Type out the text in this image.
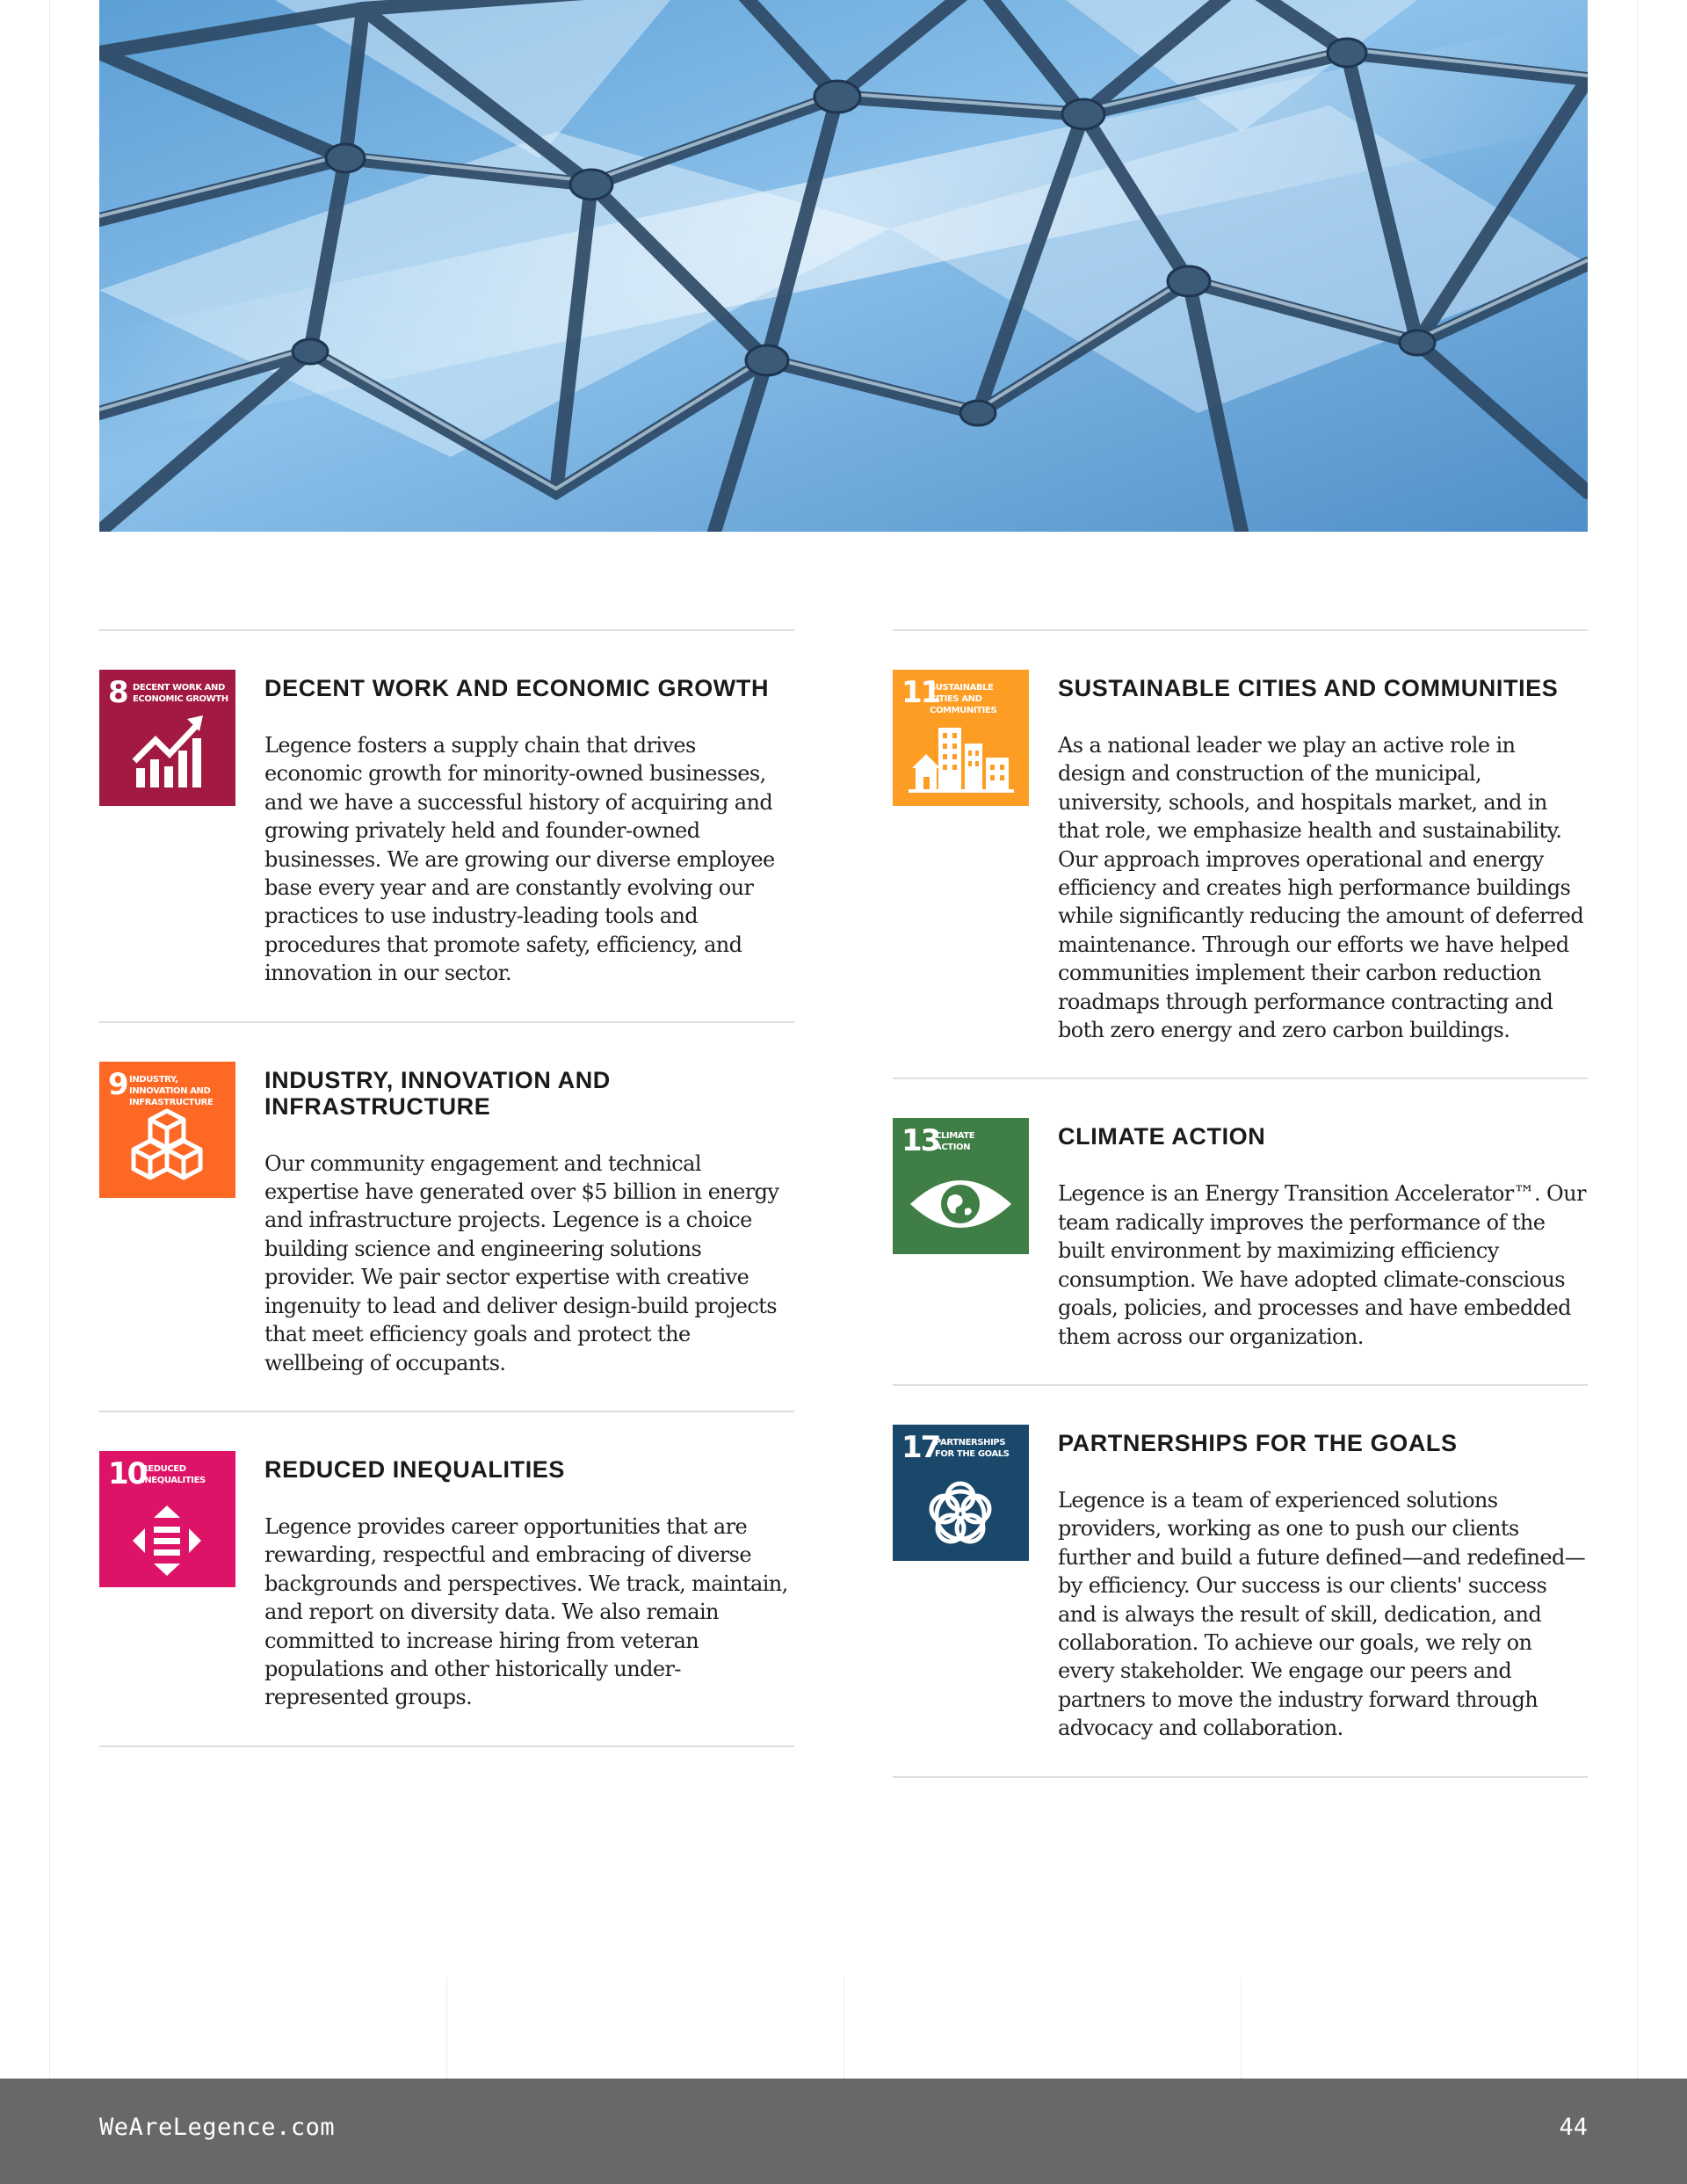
8 DECENT WORK AND ECONOMIC GROWTH DECENT WORK AND ECONOMIC GROWTH

Legence fosters a supply chain that drives economic growth for minority-owned businesses, and we have a successful history of acquiring and growing privately held and founder-owned businesses. We are growing our diverse employee base every year and are constantly evolving our practices to use industry-leading tools and procedures that promote safety, efficiency, and innovation in our sector.

9 INDUSTRY, INNOVATION AND INFRASTRUCTURE
INDUSTRY, INNOVATION AND INFRASTRUCTURE

Our community engagement and technical expertise have generated over $5 billion in energy and infrastructure projects. Legence is a choice building science and engineering solutions provider. We pair sector expertise with creative ingenuity to lead and deliver design-build projects that meet efficiency goals and protect the wellbeing of occupants.

10
REDUCED INEQUALITIES	REDUCED INEQUALITIES

Legence provides career opportunities that are rewarding, respectful and embracing of diverse backgrounds and perspectives. We track, maintain, and report on diversity data. We also remain committed to increase hiring from veteran populations and other historically under-represented groups.

11
SUSTAINABLE CITIES AND COMMUNITIES
SUSTAINABLE CITIES AND COMMUNITIES

As a national leader we play an active role in design and construction of the municipal, university, schools, and hospitals market, and in that role, we emphasize health and sustainability. Our approach improves operational and energy efficiency and creates high performance buildings while significantly reducing the amount of deferred maintenance. Through our efforts we have helped communities implement their carbon reduction roadmaps through performance contracting and both zero energy and zero carbon buildings.

13
CLIMATE ACTION	CLIMATE ACTION

Legence is an Energy Transition Accelerator™. Our team radically improves the performance of the built environment by maximizing efficiency consumption. We have adopted climate-conscious goals, policies, and processes and have embedded them across our organization.

17
PARTNERSHIPS FOR THE GOALS	PARTNERSHIPS FOR THE GOALS

Legence is a team of experienced solutions providers, working as one to push our clients further and build a future defined—and redefined—by efficiency. Our success is our clients' success and is always the result of skill, dedication, and collaboration. To achieve our goals, we rely on every stakeholder. We engage our peers and partners to move the industry forward through advocacy and collaboration.

WeAreLegence.com	44
